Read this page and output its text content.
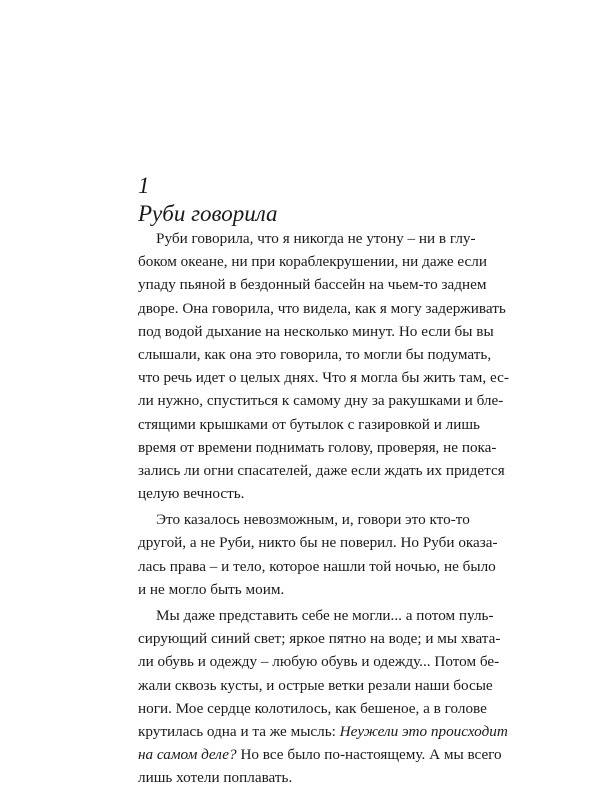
1
Руби говорила
Руби говорила, что я никогда не утону – ни в глу-
боком океане, ни при кораблекрушении, ни даже если
упаду пьяной в бездонный бассейн на чьем-то заднем
дворе. Она говорила, что видела, как я могу задерживать
под водой дыхание на несколько минут. Но если бы вы
слышали, как она это говорила, то могли бы подумать,
что речь идет о целых днях. Что я могла бы жить там, ес-
ли нужно, спуститься к самому дну за ракушками и бле-
стящими крышками от бутылок с газировкой и лишь
время от времени поднимать голову, проверяя, не пока-
зались ли огни спасателей, даже если ждать их придется
целую вечность.
Это казалось невозможным, и, говори это кто-то
другой, а не Руби, никто бы не поверил. Но Руби оказа-
лась права – и тело, которое нашли той ночью, не было
и не могло быть моим.
Мы даже представить себе не могли... а потом пуль-
сирующий синий свет; яркое пятно на воде; и мы хвата-
ли обувь и одежду – любую обувь и одежду... Потом бе-
жали сквозь кусты, и острые ветки резали наши босые
ноги. Мое сердце колотилось, как бешеное, а в голове
крутилась одна и та же мысль: Неужели это происходит
на самом деле? Но все было по-настоящему. А мы всего
лишь хотели поплавать.
